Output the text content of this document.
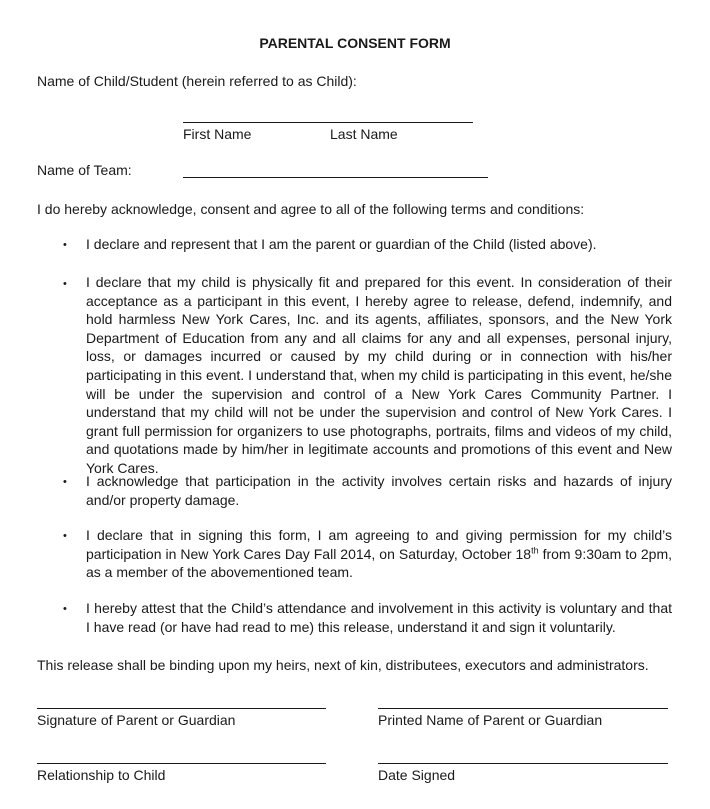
PARENTAL CONSENT FORM
Name of Child/Student (herein referred to as Child):
First Name	Last Name
Name of Team:
I do hereby acknowledge, consent and agree to all of the following terms and conditions:
• I declare and represent that I am the parent or guardian of the Child (listed above).
• I declare that my child is physically fit and prepared for this event. In consideration of their acceptance as a participant in this event, I hereby agree to release, defend, indemnify, and hold harmless New York Cares, Inc. and its agents, affiliates, sponsors, and the New York Department of Education from any and all claims for any and all expenses, personal injury, loss, or damages incurred or caused by my child during or in connection with his/her participating in this event. I understand that, when my child is participating in this event, he/she will be under the supervision and control of a New York Cares Community Partner. I understand that my child will not be under the supervision and control of New York Cares. I grant full permission for organizers to use photographs, portraits, films and videos of my child, and quotations made by him/her in legitimate accounts and promotions of this event and New York Cares.
• I acknowledge that participation in the activity involves certain risks and hazards of injury and/or property damage.
• I declare that in signing this form, I am agreeing to and giving permission for my child’s participation in New York Cares Day Fall 2014, on Saturday, October 18th from 9:30am to 2pm, as a member of the abovementioned team.
• I hereby attest that the Child’s attendance and involvement in this activity is voluntary and that I have read (or have had read to me) this release, understand it and sign it voluntarily.
This release shall be binding upon my heirs, next of kin, distributees, executors and administrators.
Signature of Parent or Guardian	Printed Name of Parent or Guardian
Relationship to Child	Date Signed
